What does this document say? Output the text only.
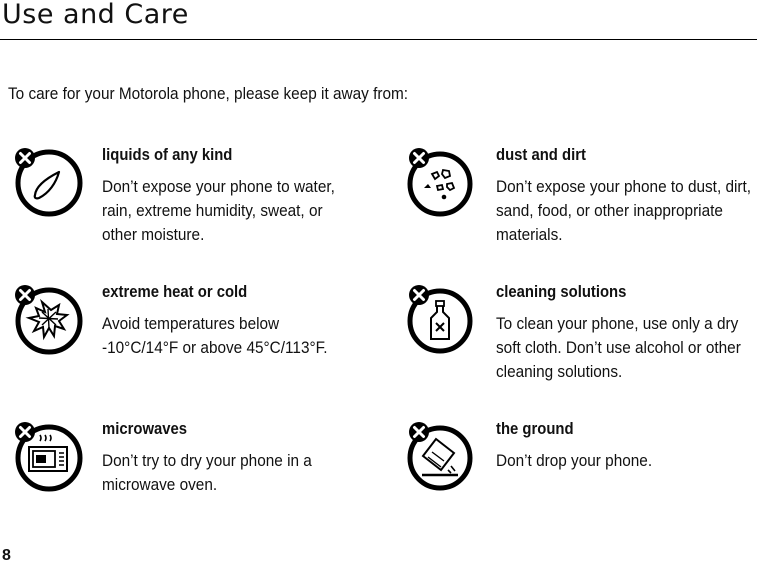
Use and Care
To care for your Motorola phone, please keep it away from:
liquids of any kind
Don’t expose your phone to water, rain, extreme humidity, sweat, or other moisture.
dust and dirt
Don’t expose your phone to dust, dirt, sand, food, or other inappropriate materials.
extreme heat or cold
Avoid temperatures below -10°C/14°F or above 45°C/113°F.
cleaning solutions
To clean your phone, use only a dry soft cloth. Don’t use alcohol or other cleaning solutions.
microwaves
Don’t try to dry your phone in a microwave oven.
the ground
Don’t drop your phone.
8
